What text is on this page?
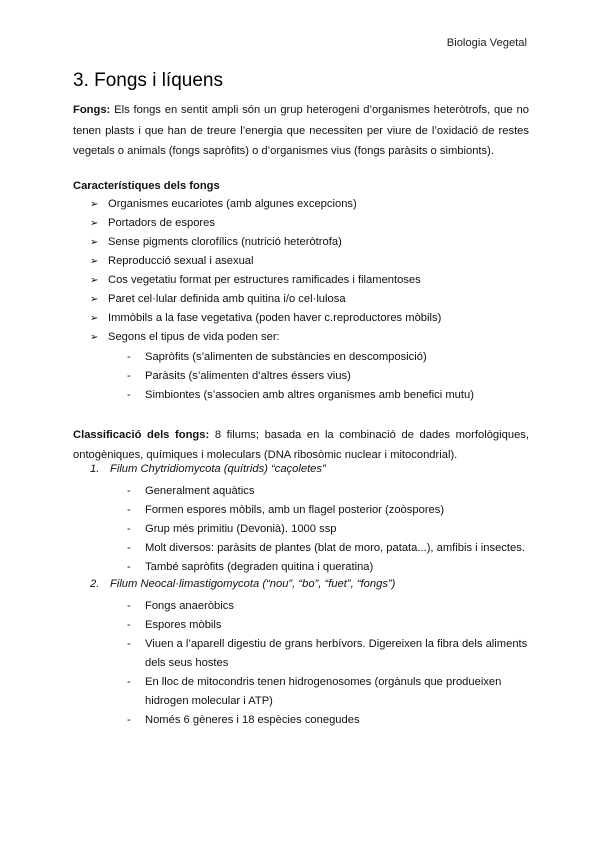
Biologia Vegetal
3. Fongs i líquens
Fongs: Els fongs en sentit ampli són un grup heterogeni d’organismes heteròtrofs, que no
tenen plasts i que han de treure l’energia que necessiten per viure de l’oxidació de restes
vegetals o animals (fongs sapròfits) o d’organismes vius (fongs paràsits o simbionts).
Característiques dels fongs
➢ Organismes eucariotes (amb algunes excepcions)
➢ Portadors de espores
➢ Sense pigments clorofílics (nutrició heteròtrofa)
➢ Reproducció sexual i asexual
➢ Cos vegetatiu format per estructures ramificades i filamentoses
➢ Paret cel·lular definida amb quitina i/o cel·lulosa
➢ Immòbils a la fase vegetativa (poden haver c.reproductores mòbils)
➢ Segons el tipus de vida poden ser:
-	Sapròfits (s’alimenten de substàncies en descomposició)
-	Paràsits (s’alimenten d’altres éssers vius)
-	Simbiontes (s’associen amb altres organismes amb benefici mutu)
Classificació dels fongs: 8 filums; basada en la combinació de dades morfològiques,
ontogèniques, químiques i moleculars (DNA ribosòmic nuclear i mitocondrial).
1. Filum Chytridiomycota (quítrids) “caçoletes”
-	Generalment aquàtics
-	Formen espores mòbils, amb un flagel posterior (zoòspores)
-	Grup més primitiu (Devonià). 1000 ssp
-	Molt diversos: paràsits de plantes (blat de moro, patata...), amfibis i insectes.
-	També sapròfits (degraden quitina i queratina)
2. Filum Neocal·limastigomycota (“nou”, “bo”, “fuet”, “fongs”)
-	Fongs anaeròbics
-	Espores mòbils
-	Viuen a l’aparell digestiu de grans herbívors. Digereixen la fibra dels aliments
dels seus hostes
-	En lloc de mitocondris tenen hidrogenosomes (orgànuls que produeixen
hidrogen molecular i ATP)
-	Només 6 gèneres i 18 espècies conegudes
